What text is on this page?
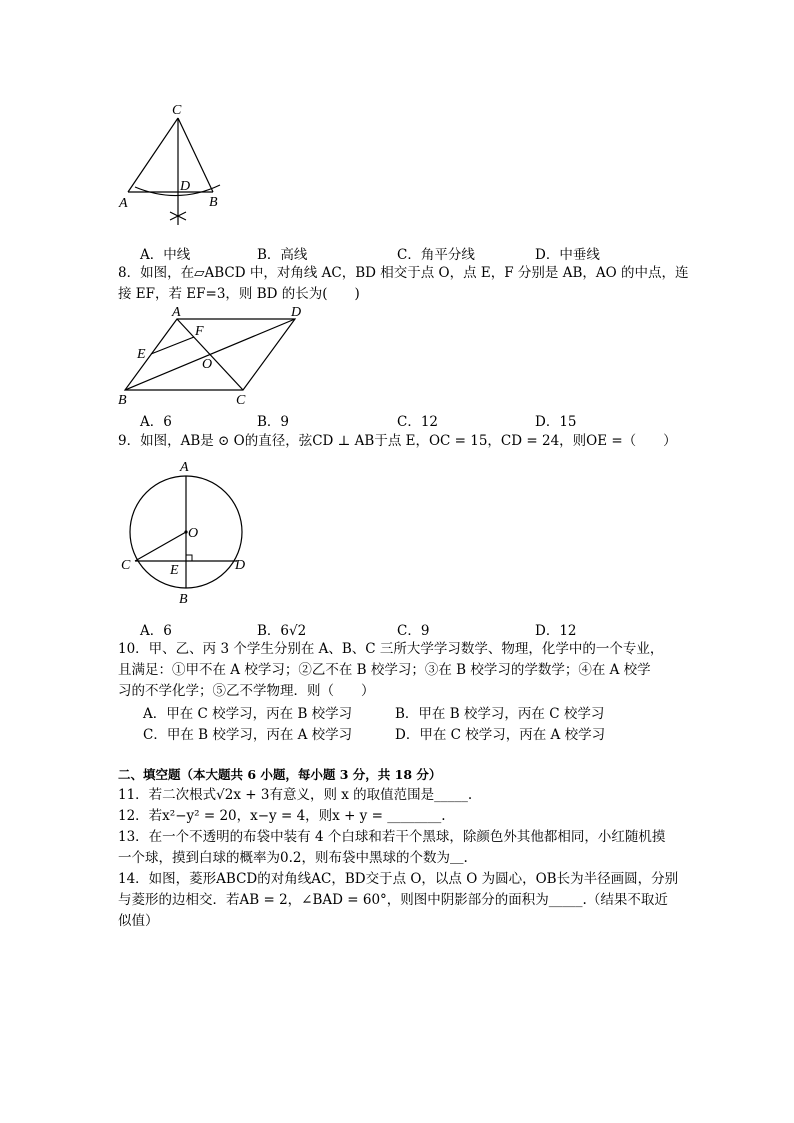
C
A	B
D
A．中线	B．高线	C．角平分线	D．中垂线
8．如图，在▱ABCD 中，对角线 AC，BD 相交于点 O，点 E，F 分别是 AB，AO 的中点，连
接 EF，若 EF=3，则 BD 的长为(　　)
A	D
F
E
O
B	C
A．6	B．9	C．12	D．15
9．如图，AB是 ⊙ O的直径，弦CD ⊥ AB于点 E，OC = 15，CD = 24，则OE =（　　）
A
O
C	D
E
B
A．6	B．6√2	C．9	D．12
10．甲、乙、丙 3 个学生分别在 A、B、C 三所大学学习数学、物理，化学中的一个专业，
且满足：①甲不在 A 校学习；②乙不在 B 校学习；③在 B 校学习的学数学；④在 A 校学
习的不学化学；⑤乙不学物理．则（　　）
A．甲在 C 校学习，丙在 B 校学习	B．甲在 B 校学习，丙在 C 校学习
C．甲在 B 校学习，丙在 A 校学习	D．甲在 C 校学习，丙在 A 校学习
二、填空题（本大题共 6 小题，每小题 3 分，共 18 分）
11．若二次根式√2x + 3有意义，则 x 的取值范围是_____.
12．若x²−y² = 20，x−y = 4，则x + y = ________.
13．在一个不透明的布袋中装有 4 个白球和若干个黑球，除颜色外其他都相同，小红随机摸
一个球，摸到白球的概率为0.2，则布袋中黑球的个数为＿.
14．如图，菱形ABCD的对角线AC，BD交于点 O，以点 O 为圆心，OB长为半径画圆，分别
与菱形的边相交．若AB = 2，∠BAD = 60°，则图中阴影部分的面积为_____.（结果不取近
似值）
